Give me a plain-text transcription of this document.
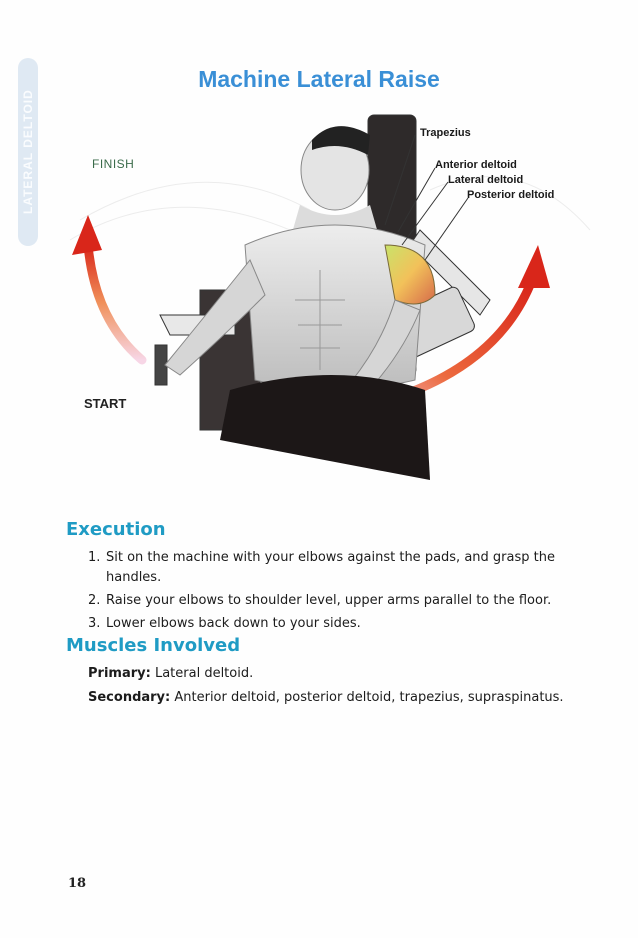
LATERAL DELTOID
Machine Lateral Raise
FINISH
START
Trapezius
Anterior deltoid
Lateral deltoid
Posterior deltoid
Execution
1. Sit on the machine with your elbows against the pads, and grasp the handles.
2. Raise your elbows to shoulder level, upper arms parallel to the floor.
3. Lower elbows back down to your sides.
Muscles Involved
Primary: Lateral deltoid.
Secondary: Anterior deltoid, posterior deltoid, trapezius, supraspinatus.
18
